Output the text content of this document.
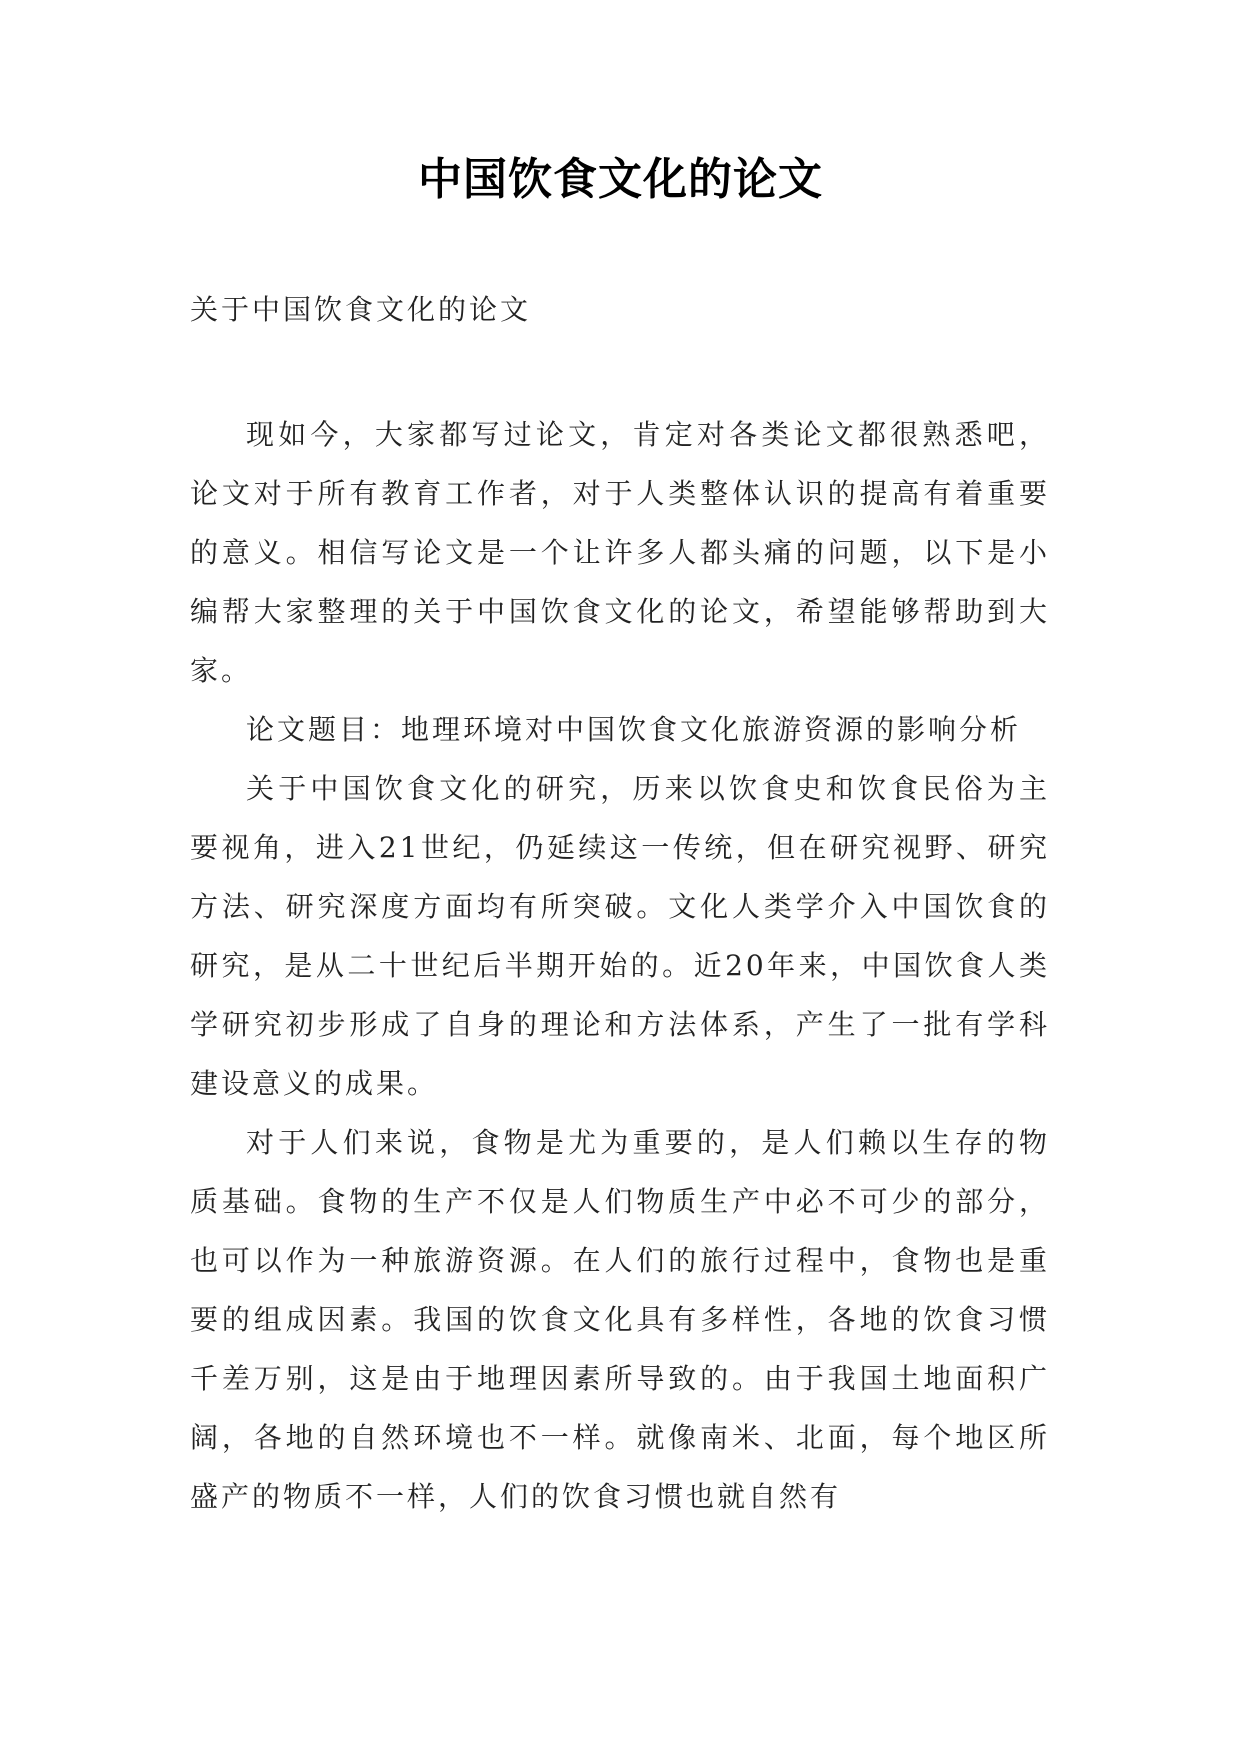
中国饮食文化的论文
关于中国饮食文化的论文

现如今，大家都写过论文，肯定对各类论文都很熟悉吧，论文对于所有教育工作者，对于人类整体认识的提高有着重要的意义。相信写论文是一个让许多人都头痛的问题，以下是小编帮大家整理的关于中国饮食文化的论文，希望能够帮助到大家。

论文题目：地理环境对中国饮食文化旅游资源的影响分析

关于中国饮食文化的研究，历来以饮食史和饮食民俗为主要视角，进入21世纪，仍延续这一传统，但在研究视野、研究方法、研究深度方面均有所突破。文化人类学介入中国饮食的研究，是从二十世纪后半期开始的。近20年来，中国饮食人类学研究初步形成了自身的理论和方法体系，产生了一批有学科建设意义的成果。

对于人们来说，食物是尤为重要的，是人们赖以生存的物质基础。食物的生产不仅是人们物质生产中必不可少的部分，也可以作为一种旅游资源。在人们的旅行过程中，食物也是重要的组成因素。我国的饮食文化具有多样性，各地的饮食习惯千差万别，这是由于地理因素所导致的。由于我国土地面积广阔，各地的自然环境也不一样。就像南米、北面，每个地区所盛产的物质不一样，人们的饮食习惯也就自然有
